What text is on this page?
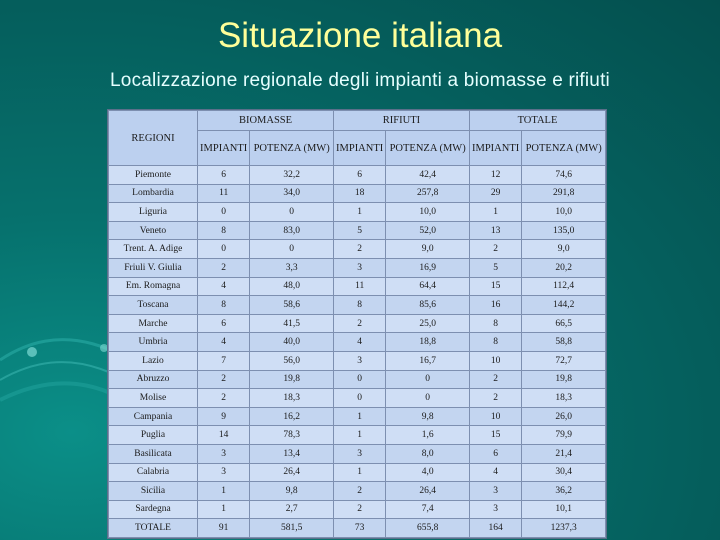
Situazione italiana
Localizzazione regionale degli impianti a biomasse e rifiuti
REGIONI	BIOMASSE		RIFIUTI		TOTALE	
	IMPIANTI	POTENZA (MW)	IMPIANTI	POTENZA (MW)	IMPIANTI	POTENZA (MW)
Piemonte	6	32,2	6	42,4	12	74,6
Lombardia	11	34,0	18	257,8	29	291,8
Liguria	0	0	1	10,0	1	10,0
Veneto	8	83,0	5	52,0	13	135,0
Trent. A. Adige	0	0	2	9,0	2	9,0
Friuli V. Giulia	2	3,3	3	16,9	5	20,2
Em. Romagna	4	48,0	11	64,4	15	112,4
Toscana	8	58,6	8	85,6	16	144,2
Marche	6	41,5	2	25,0	8	66,5
Umbria	4	40,0	4	18,8	8	58,8
Lazio	7	56,0	3	16,7	10	72,7
Abruzzo	2	19,8	0	0	2	19,8
Molise	2	18,3	0	0	2	18,3
Campania	9	16,2	1	9,8	10	26,0
Puglia	14	78,3	1	1,6	15	79,9
Basilicata	3	13,4	3	8,0	6	21,4
Calabria	3	26,4	1	4,0	4	30,4
Sicilia	1	9,8	2	26,4	3	36,2
Sardegna	1	2,7	2	7,4	3	10,1
TOTALE	91	581,5	73	655,8	164	1237,3
